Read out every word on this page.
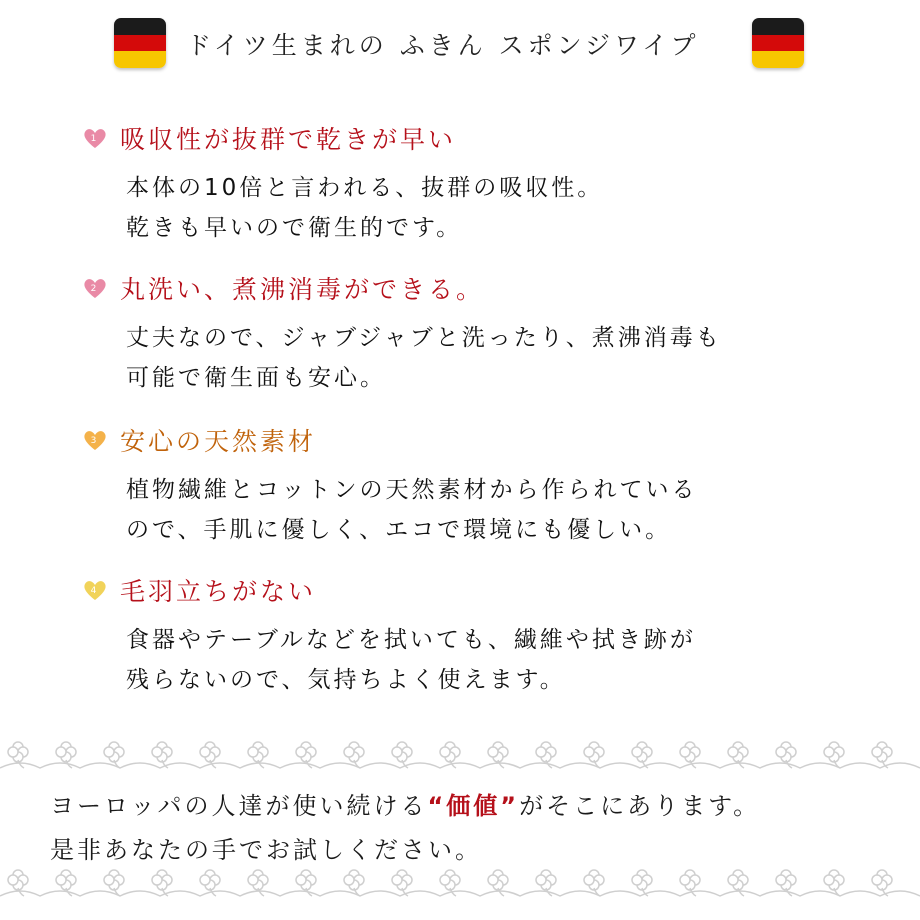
ドイツ生まれの ふきん スポンジワイプ
1 吸収性が抜群で乾きが早い
本体の10倍と言われる、抜群の吸収性。
乾きも早いので衛生的です。
2 丸洗い、煮沸消毒ができる。
丈夫なので、ジャブジャブと洗ったり、煮沸消毒も
可能で衛生面も安心。
3 安心の天然素材
植物繊維とコットンの天然素材から作られている
ので、手肌に優しく、エコで環境にも優しい。
4 毛羽立ちがない
食器やテーブルなどを拭いても、繊維や拭き跡が
残らないので、気持ちよく使えます。
ヨーロッパの人達が使い続ける“価値”がそこにあります。
是非あなたの手でお試しください。
